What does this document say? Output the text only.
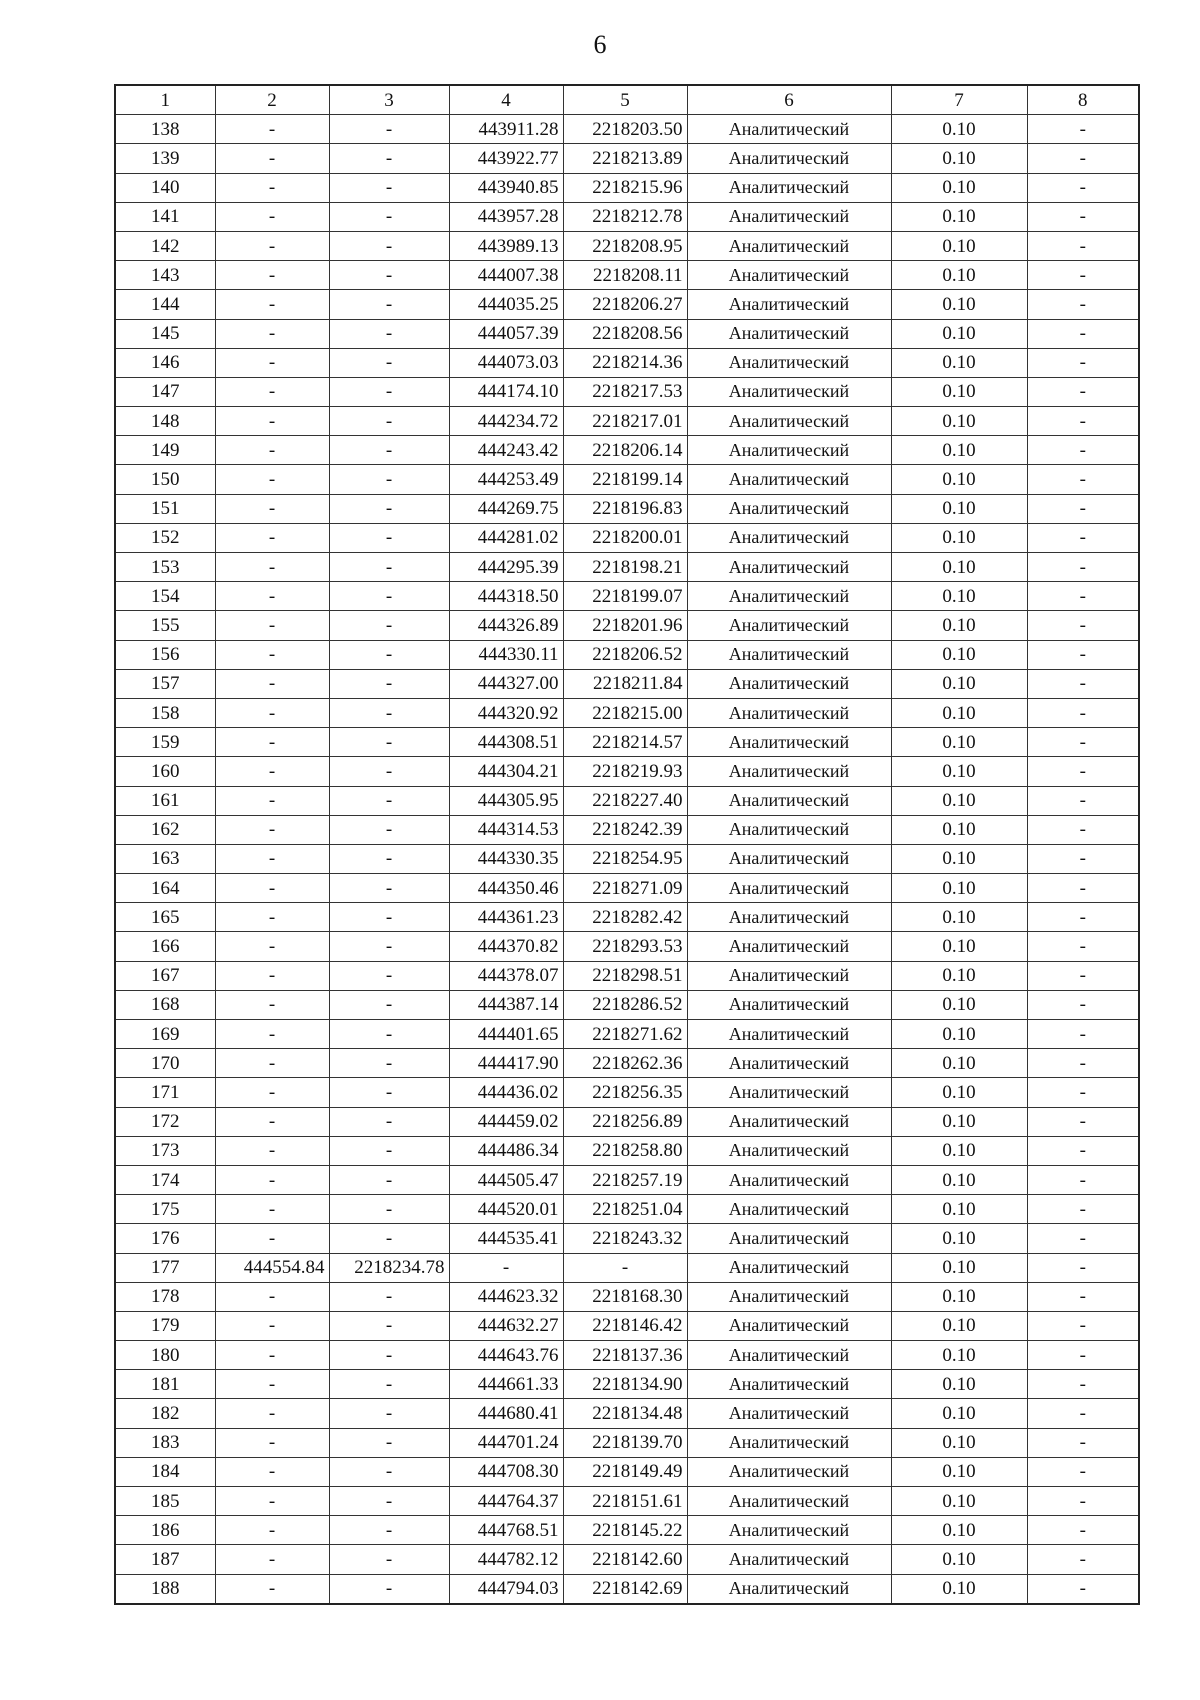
6
1	2	3	4	5	6	7	8
138	-	-	443911.28	2218203.50	Аналитический	0.10	-
139	-	-	443922.77	2218213.89	Аналитический	0.10	-
140	-	-	443940.85	2218215.96	Аналитический	0.10	-
141	-	-	443957.28	2218212.78	Аналитический	0.10	-
142	-	-	443989.13	2218208.95	Аналитический	0.10	-
143	-	-	444007.38	2218208.11	Аналитический	0.10	-
144	-	-	444035.25	2218206.27	Аналитический	0.10	-
145	-	-	444057.39	2218208.56	Аналитический	0.10	-
146	-	-	444073.03	2218214.36	Аналитический	0.10	-
147	-	-	444174.10	2218217.53	Аналитический	0.10	-
148	-	-	444234.72	2218217.01	Аналитический	0.10	-
149	-	-	444243.42	2218206.14	Аналитический	0.10	-
150	-	-	444253.49	2218199.14	Аналитический	0.10	-
151	-	-	444269.75	2218196.83	Аналитический	0.10	-
152	-	-	444281.02	2218200.01	Аналитический	0.10	-
153	-	-	444295.39	2218198.21	Аналитический	0.10	-
154	-	-	444318.50	2218199.07	Аналитический	0.10	-
155	-	-	444326.89	2218201.96	Аналитический	0.10	-
156	-	-	444330.11	2218206.52	Аналитический	0.10	-
157	-	-	444327.00	2218211.84	Аналитический	0.10	-
158	-	-	444320.92	2218215.00	Аналитический	0.10	-
159	-	-	444308.51	2218214.57	Аналитический	0.10	-
160	-	-	444304.21	2218219.93	Аналитический	0.10	-
161	-	-	444305.95	2218227.40	Аналитический	0.10	-
162	-	-	444314.53	2218242.39	Аналитический	0.10	-
163	-	-	444330.35	2218254.95	Аналитический	0.10	-
164	-	-	444350.46	2218271.09	Аналитический	0.10	-
165	-	-	444361.23	2218282.42	Аналитический	0.10	-
166	-	-	444370.82	2218293.53	Аналитический	0.10	-
167	-	-	444378.07	2218298.51	Аналитический	0.10	-
168	-	-	444387.14	2218286.52	Аналитический	0.10	-
169	-	-	444401.65	2218271.62	Аналитический	0.10	-
170	-	-	444417.90	2218262.36	Аналитический	0.10	-
171	-	-	444436.02	2218256.35	Аналитический	0.10	-
172	-	-	444459.02	2218256.89	Аналитический	0.10	-
173	-	-	444486.34	2218258.80	Аналитический	0.10	-
174	-	-	444505.47	2218257.19	Аналитический	0.10	-
175	-	-	444520.01	2218251.04	Аналитический	0.10	-
176	-	-	444535.41	2218243.32	Аналитический	0.10	-
177	444554.84	2218234.78	-	-	Аналитический	0.10	-
178	-	-	444623.32	2218168.30	Аналитический	0.10	-
179	-	-	444632.27	2218146.42	Аналитический	0.10	-
180	-	-	444643.76	2218137.36	Аналитический	0.10	-
181	-	-	444661.33	2218134.90	Аналитический	0.10	-
182	-	-	444680.41	2218134.48	Аналитический	0.10	-
183	-	-	444701.24	2218139.70	Аналитический	0.10	-
184	-	-	444708.30	2218149.49	Аналитический	0.10	-
185	-	-	444764.37	2218151.61	Аналитический	0.10	-
186	-	-	444768.51	2218145.22	Аналитический	0.10	-
187	-	-	444782.12	2218142.60	Аналитический	0.10	-
188	-	-	444794.03	2218142.69	Аналитический	0.10	-
